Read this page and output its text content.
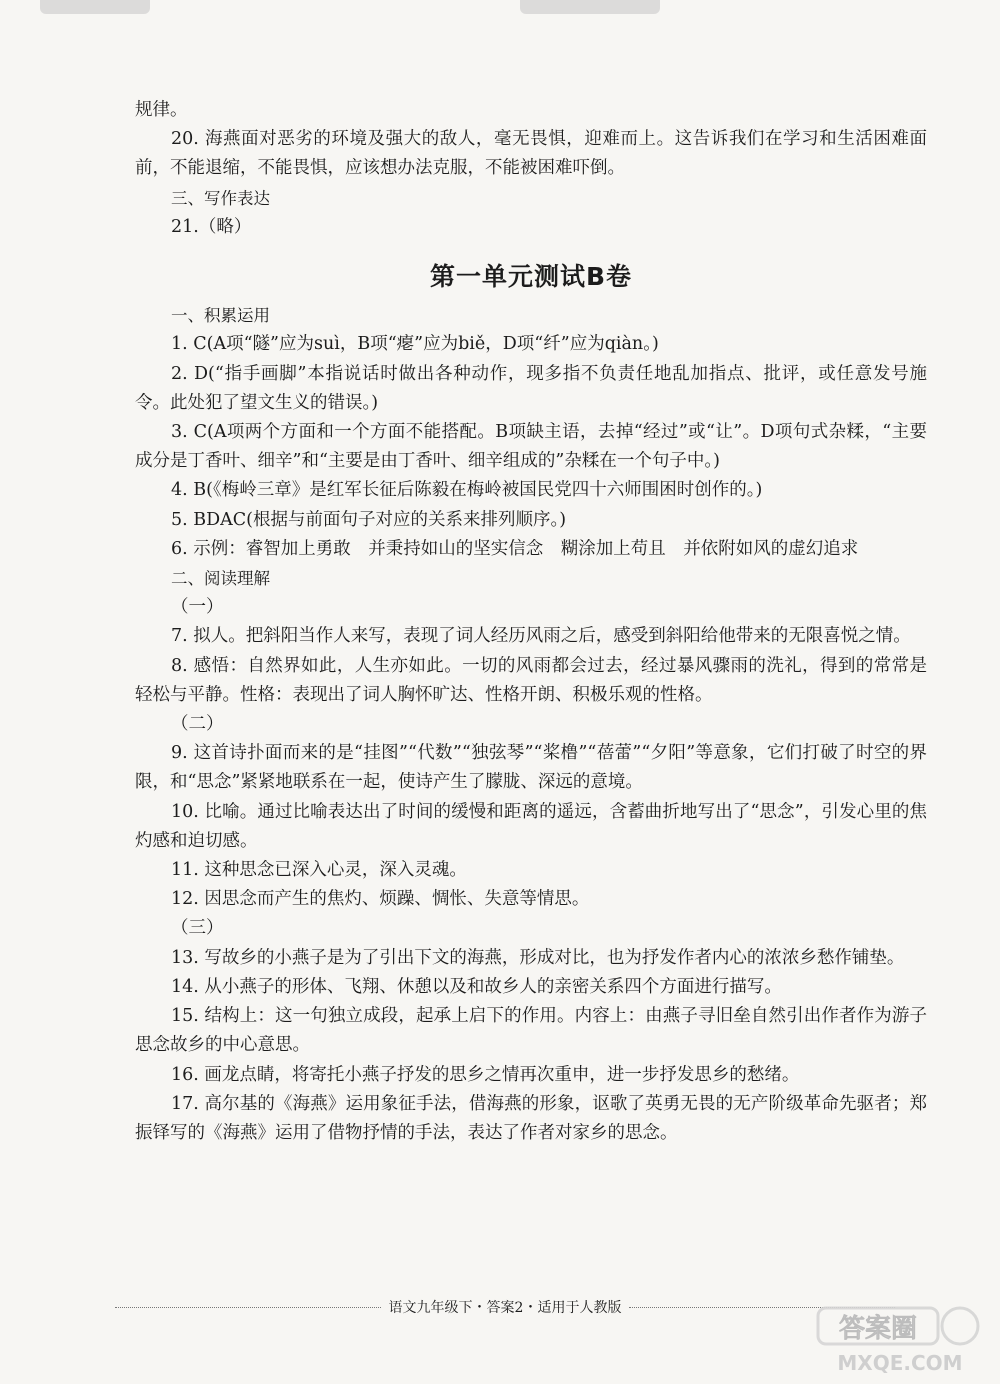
规律。

20. 海燕面对恶劣的环境及强大的敌人，毫无畏惧，迎难而上。这告诉我们在学习和生活困难面前，不能退缩，不能畏惧，应该想办法克服，不能被困难吓倒。

三、写作表达

21.（略）

第一单元测试B卷

一、积累运用

1. C(A项“隧”应为suì，B项“瘪”应为biě，D项“纤”应为qiàn。)

2. D(“指手画脚”本指说话时做出各种动作，现多指不负责任地乱加指点、批评，或任意发号施令。此处犯了望文生义的错误。)

3. C(A项两个方面和一个方面不能搭配。B项缺主语，去掉“经过”或“让”。D项句式杂糅，“主要成分是丁香叶、细辛”和“主要是由丁香叶、细辛组成的”杂糅在一个句子中。)

4. B(《梅岭三章》是红军长征后陈毅在梅岭被国民党四十六师围困时创作的。)

5. BDAC(根据与前面句子对应的关系来排列顺序。)

6. 示例：睿智加上勇敢　并秉持如山的坚实信念　糊涂加上苟且　并依附如风的虚幻追求

二、阅读理解

（一）

7. 拟人。把斜阳当作人来写，表现了词人经历风雨之后，感受到斜阳给他带来的无限喜悦之情。

8. 感悟：自然界如此，人生亦如此。一切的风雨都会过去，经过暴风骤雨的洗礼，得到的常常是轻松与平静。性格：表现出了词人胸怀旷达、性格开朗、积极乐观的性格。

（二）

9. 这首诗扑面而来的是“挂图”“代数”“独弦琴”“桨橹”“蓓蕾”“夕阳”等意象，它们打破了时空的界限，和“思念”紧紧地联系在一起，使诗产生了朦胧、深远的意境。

10. 比喻。通过比喻表达出了时间的缓慢和距离的遥远，含蓄曲折地写出了“思念”，引发心里的焦灼感和迫切感。

11. 这种思念已深入心灵，深入灵魂。

12. 因思念而产生的焦灼、烦躁、惆怅、失意等情思。

（三）

13. 写故乡的小燕子是为了引出下文的海燕，形成对比，也为抒发作者内心的浓浓乡愁作铺垫。

14. 从小燕子的形体、飞翔、休憩以及和故乡人的亲密关系四个方面进行描写。

15. 结构上：这一句独立成段，起承上启下的作用。内容上：由燕子寻旧垒自然引出作者作为游子思念故乡的中心意思。

16. 画龙点睛，将寄托小燕子抒发的思乡之情再次重申，进一步抒发思乡的愁绪。

17. 高尔基的《海燕》运用象征手法，借海燕的形象，讴歌了英勇无畏的无产阶级革命先驱者；郑振铎写的《海燕》运用了借物抒情的手法，表达了作者对家乡的思念。

语文九年级下・答案2・适用于人教版
答案圈
MXQE.COM
